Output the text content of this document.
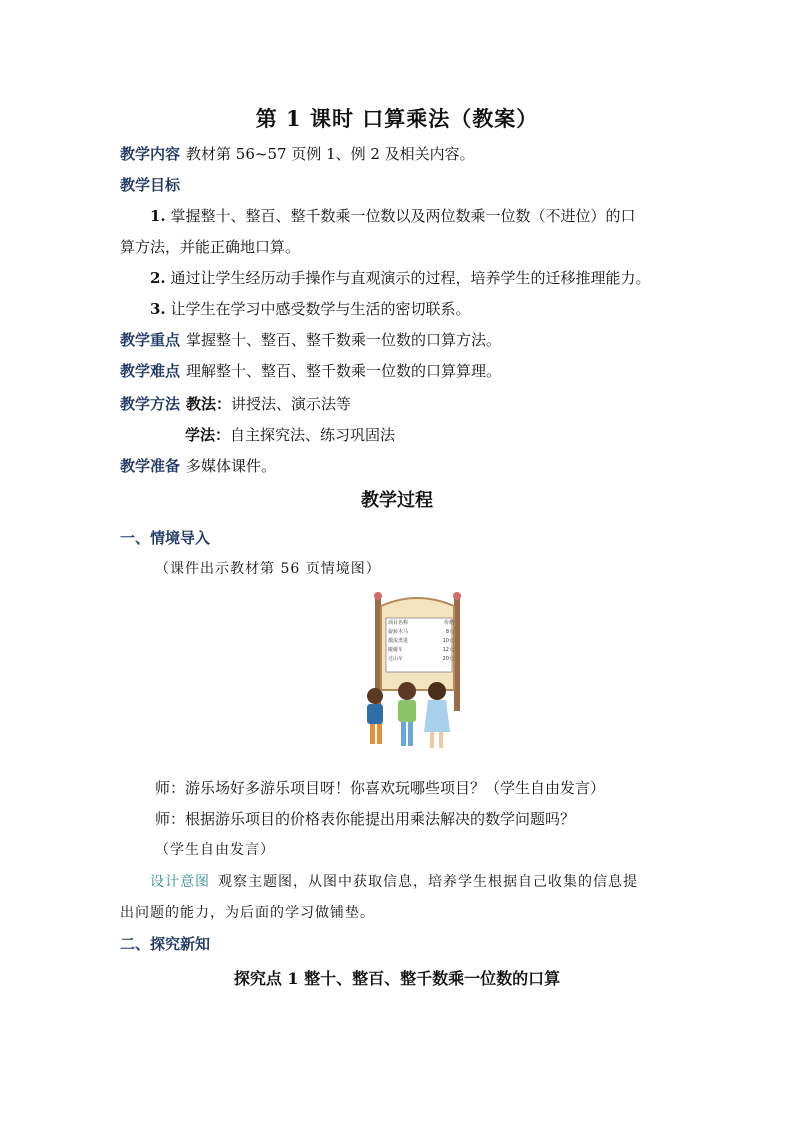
第 1 课时 口算乘法（教案）
教学内容 教材第 56~57 页例 1、例 2 及相关内容。
教学目标
1. 掌握整十、整百、整千数乘一位数以及两位数乘一位数（不进位）的口
算方法，并能正确地口算。
2. 通过让学生经历动手操作与直观演示的过程，培养学生的迁移推理能力。
3. 让学生在学习中感受数学与生活的密切联系。
教学重点 掌握整十、整百、整千数乘一位数的口算方法。
教学难点 理解整十、整百、整千数乘一位数的口算算理。
教学方法 教法：讲授法、演示法等
学法：自主探究法、练习巩固法
教学准备 多媒体课件。
教学过程
一、情境导入
（课件出示教材第 56 页情境图）
项目名称	价格
旋转木马	8元
激流勇进	10元
碰碰车	12元
过山车	20元
师：游乐场好多游乐项目呀！你喜欢玩哪些项目？（学生自由发言）
师：根据游乐项目的价格表你能提出用乘法解决的数学问题吗？
（学生自由发言）
设计意图 观察主题图，从图中获取信息，培养学生根据自己收集的信息提
出问题的能力，为后面的学习做铺垫。
二、探究新知
探究点 1 整十、整百、整千数乘一位数的口算
